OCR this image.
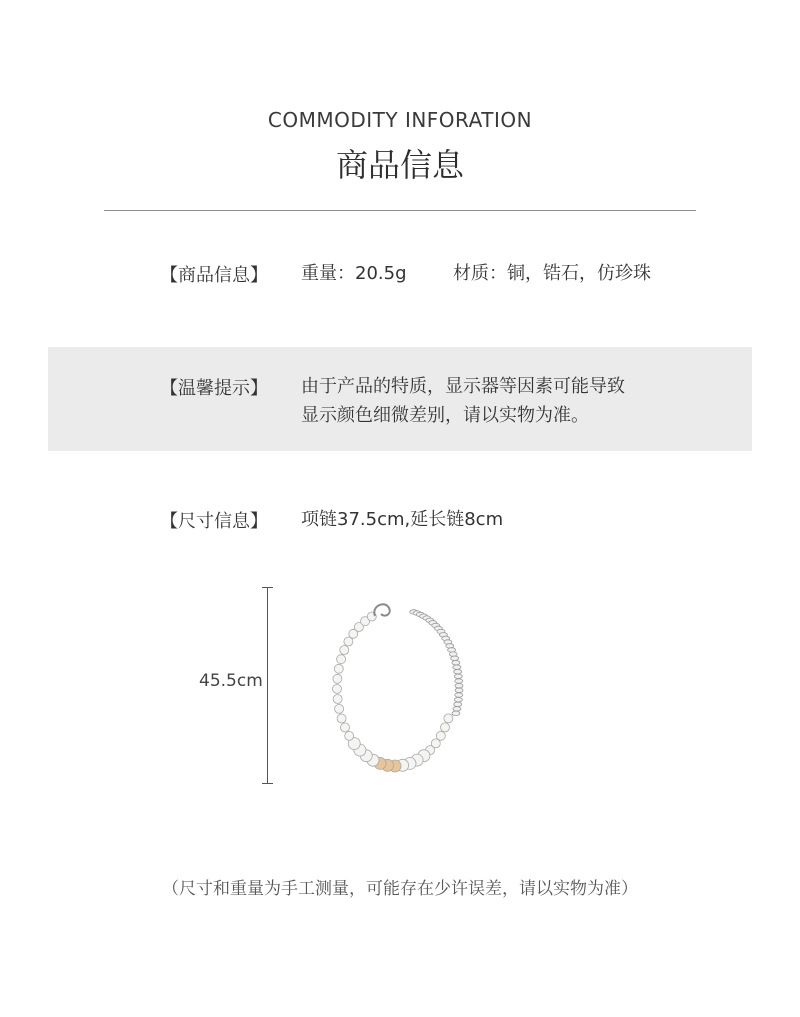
COMMODITY INFORATION
商品信息
【商品信息】 重量：20.5g	材质：铜，锆石，仿珍珠
【温馨提示】 由于产品的特质，显示器等因素可能导致
显示颜色细微差别，请以实物为准。
【尺寸信息】 项链37.5cm,延长链8cm
45.5cm
（尺寸和重量为手工测量，可能存在少许误差，请以实物为准）
